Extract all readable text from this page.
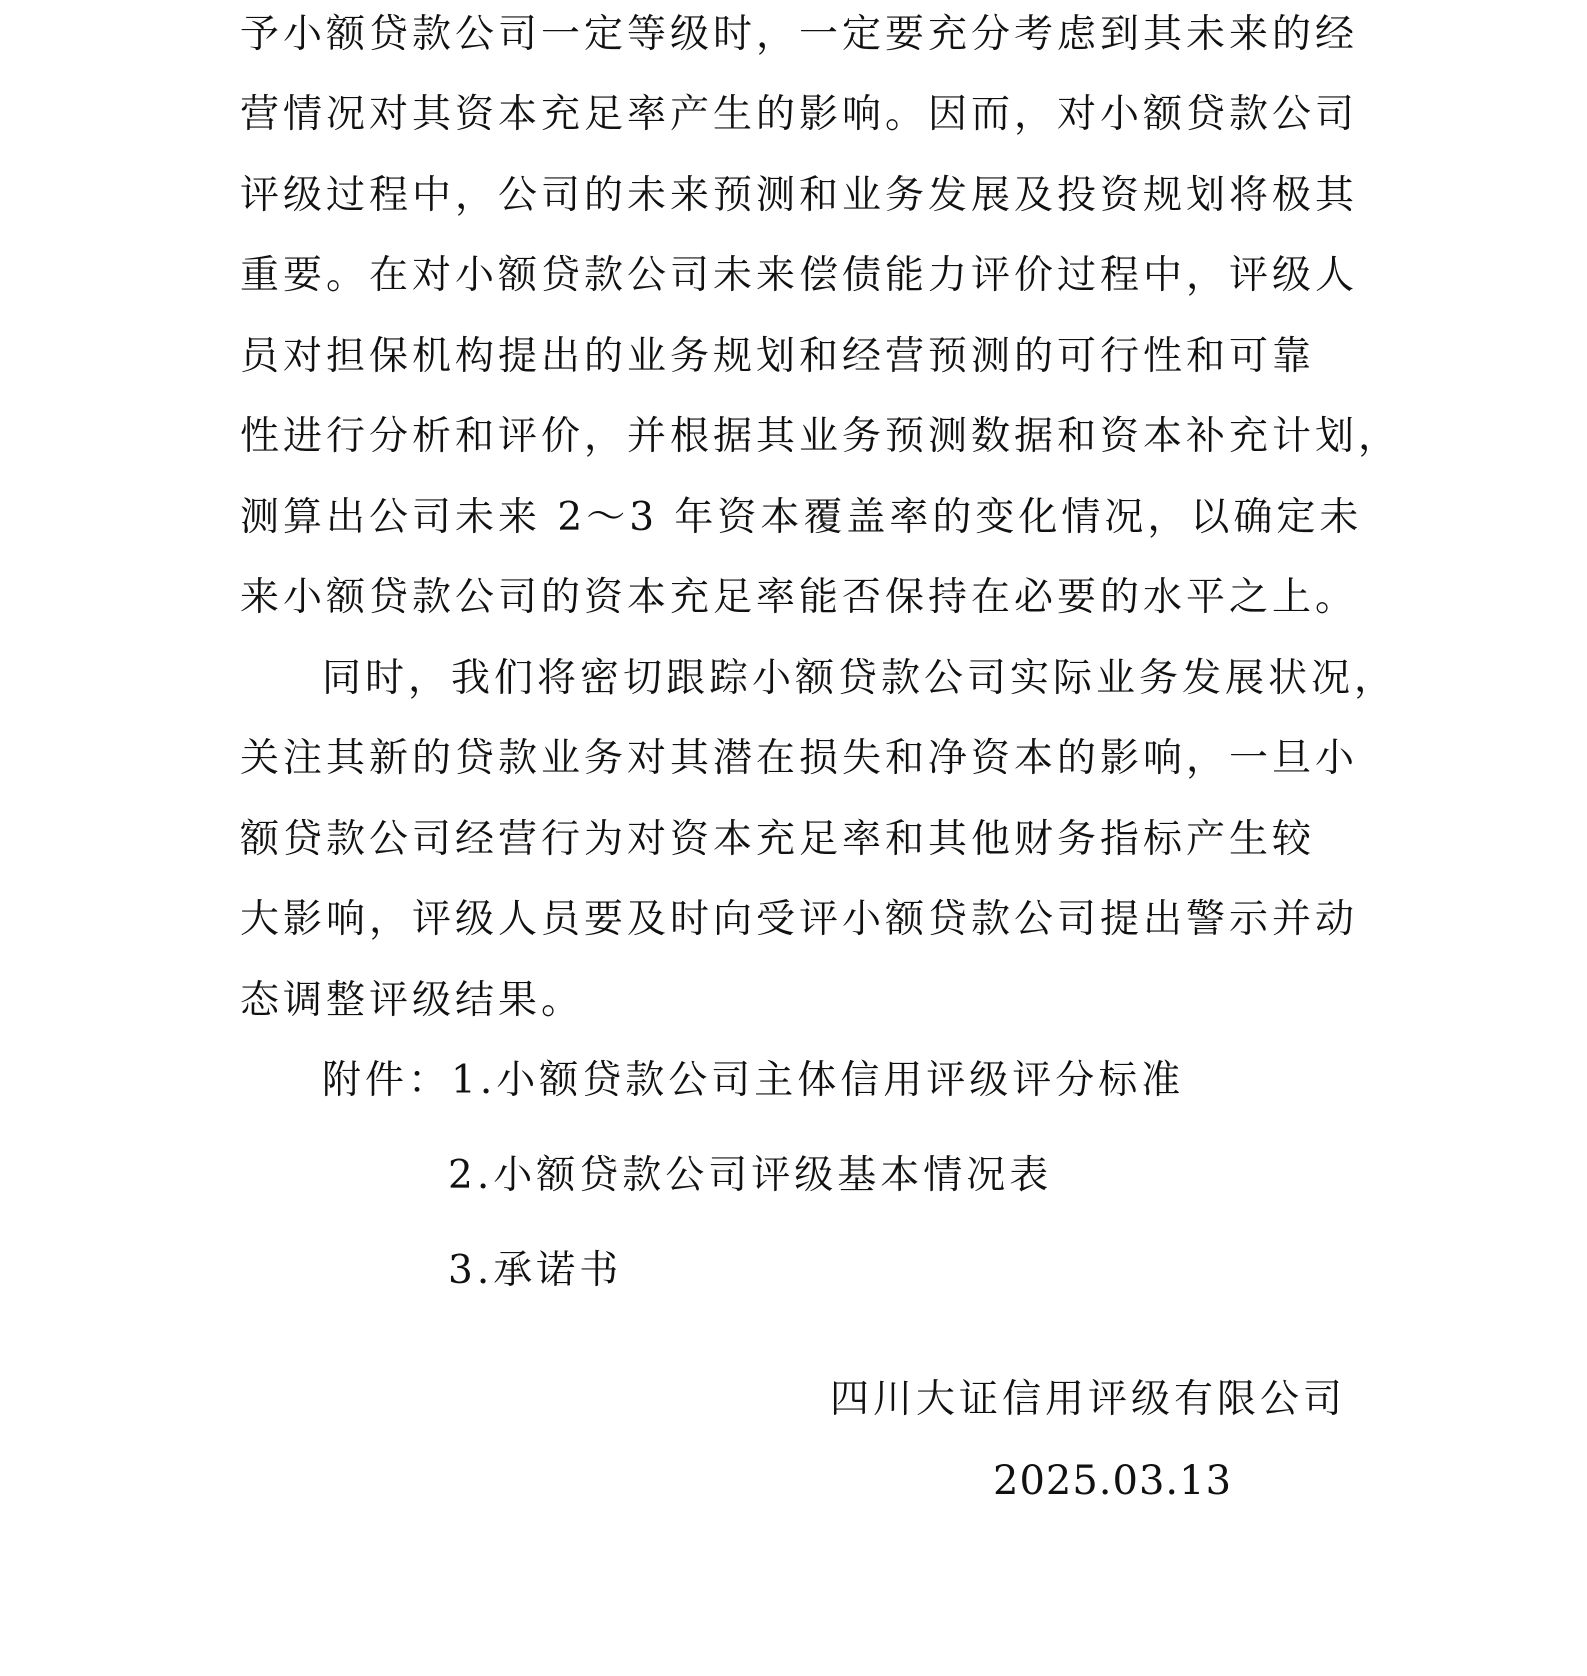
予小额贷款公司一定等级时，一定要充分考虑到其未来的经
营情况对其资本充足率产生的影响。因而，对小额贷款公司
评级过程中，公司的未来预测和业务发展及投资规划将极其
重要。在对小额贷款公司未来偿债能力评价过程中，评级人
员对担保机构提出的业务规划和经营预测的可行性和可靠
性进行分析和评价，并根据其业务预测数据和资本补充计划，
测算出公司未来 2～3 年资本覆盖率的变化情况，以确定未
来小额贷款公司的资本充足率能否保持在必要的水平之上。
同时，我们将密切跟踪小额贷款公司实际业务发展状况，
关注其新的贷款业务对其潜在损失和净资本的影响，一旦小
额贷款公司经营行为对资本充足率和其他财务指标产生较
大影响，评级人员要及时向受评小额贷款公司提出警示并动
态调整评级结果。
附件：1.小额贷款公司主体信用评级评分标准
2.小额贷款公司评级基本情况表
3.承诺书
四川大证信用评级有限公司
2025.03.13
